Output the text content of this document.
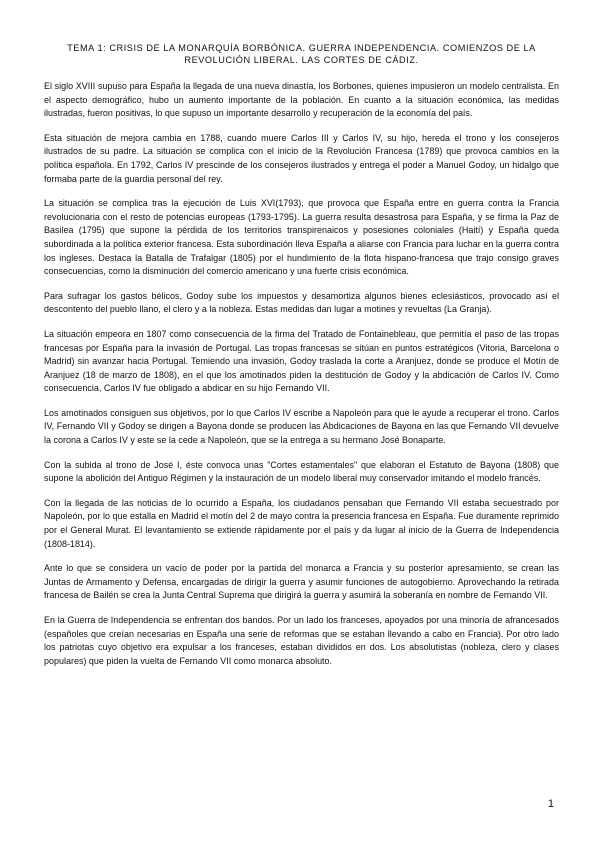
TEMA 1: CRISIS DE LA MONARQUÍA BORBÓNICA. GUERRA INDEPENDENCIA. COMIENZOS DE LA REVOLUCIÓN LIBERAL. LAS CORTES DE CÁDIZ.

El siglo XVIII supuso para España la llegada de una nueva dinastía, los Borbones, quienes impusieron un modelo centralista. En el aspecto demográfico, hubo un aumento importante de la población. En cuanto a la situación económica, las medidas ilustradas, fueron positivas, lo que supuso un importante desarrollo y recuperación de la economía del país.

Esta situación de mejora cambia en 1788, cuando muere Carlos III y Carlos IV, su hijo, hereda el trono y los consejeros ilustrados de su padre. La situación se complica con el inicio de la Revolución Francesa (1789) que provoca cambios en la política española. En 1792, Carlos IV prescinde de los consejeros ilustrados y entrega el poder a Manuel Godoy, un hidalgo que formaba parte de la guardia personal del rey.

La situación se complica tras la ejecución de Luis XVI(1793), que provoca que España entre en guerra contra la Francia revolucionaria con el resto de potencias europeas (1793-1795). La guerra resulta desastrosa para España, y se firma la Paz de Basilea (1795) que supone la pérdida de los territorios transpirenaicos y posesiones coloniales (Haití) y España queda subordinada a la política exterior francesa. Esta subordinación lleva España a aliarse con Francia para luchar en la guerra contra los ingleses. Destaca la Batalla de Trafalgar (1805) por el hundimiento de la flota hispano-francesa que trajo consigo graves consecuencias, como la disminución del comercio americano y una fuerte crisis económica.

Para sufragar los gastos bélicos, Godoy sube los impuestos y desamortiza algunos bienes eclesiásticos, provocado así el descontento del pueblo llano, el clero y a la nobleza. Estas medidas dan lugar a motines y revueltas (La Granja).

La situación empeora en 1807 como consecuencia de la firma del Tratado de Fontainebleau, que permitía el paso de las tropas francesas por España para la invasión de Portugal. Las tropas francesas se sitúan en puntos estratégicos (Vitoria, Barcelona o Madrid) sin avanzar hacia Portugal. Temiendo una invasión, Godoy traslada la corte a Aranjuez, donde se produce el Motín de Aranjuez (18 de marzo de 1808), en el que los amotinados piden la destitución de Godoy y la abdicación de Carlos IV. Como consecuencia, Carlos IV fue obligado a abdicar en su hijo Fernando VII.

Los amotinados consiguen sus objetivos, por lo que Carlos IV escribe a Napoleón para que le ayude a recuperar el trono. Carlos IV, Fernando VII y Godoy se dirigen a Bayona donde se producen las Abdicaciones de Bayona en las que Fernando VII devuelve la corona a Carlos IV y este se la cede a Napoleón, que se la entrega a su hermano José Bonaparte.

Con la subida al trono de José I, éste convoca unas "Cortes estamentales" que elaboran el Estatuto de Bayona (1808) que supone la abolición del Antiguo Régimen y la instauración de un modelo liberal muy conservador imitando el modelo francés.

Con la llegada de las noticias de lo ocurrido a España, los ciudadanos pensaban que Fernando VII estaba secuestrado por Napoleón, por lo que estalla en Madrid el motín del 2 de mayo contra la presencia francesa en España. Fue duramente reprimido por el General Murat. El levantamiento se extiende rápidamente por el país y da lugar al inicio de la Guerra de Independencia (1808-1814).

Ante lo que se considera un vacío de poder por la partida del monarca a Francia y su posterior apresamiento, se crean las Juntas de Armamento y Defensa, encargadas de dirigir la guerra y asumir funciones de autogobierno. Aprovechando la retirada francesa de Bailén se crea la Junta Central Suprema que dirigirá la guerra y asumirá la soberanía en nombre de Fernando VII.

En la Guerra de Independencia se enfrentan dos bandos. Por un lado los franceses, apoyados por una minoría de afrancesados (españoles que creían necesarias en España una serie de reformas que se estaban llevando a cabo en Francia). Por otro lado los patriotas cuyo objetivo era expulsar a los franceses, estaban divididos en dos. Los absolutistas (nobleza, clero y clases populares) que piden la vuelta de Fernando VII como monarca absoluto.

1
